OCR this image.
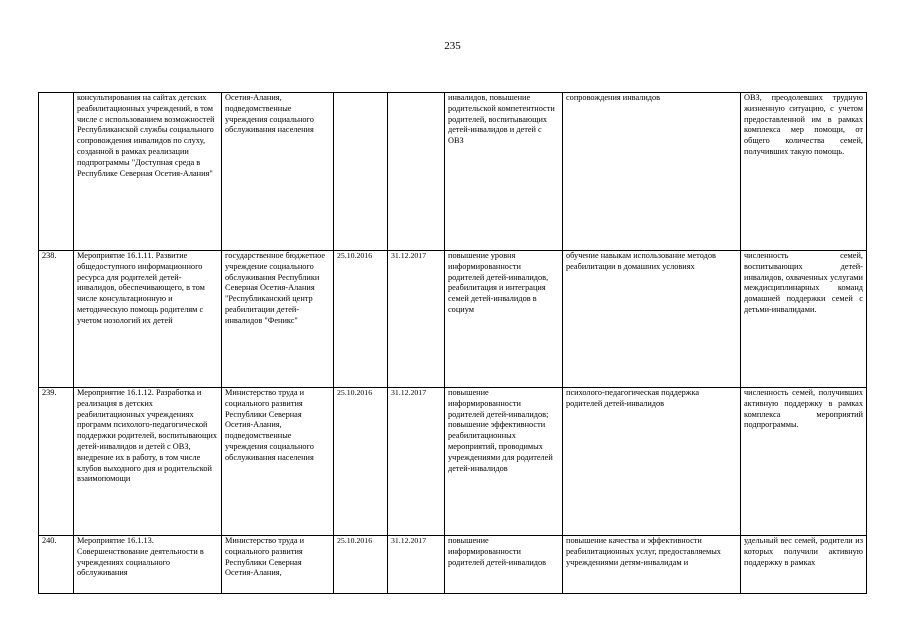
235
	консультирования на сайтах детских реабилитационных учреждений, в том числе с использованием возможностей Республиканской службы социального сопровождения инвалидов по слуху, созданной в рамках реализации подпрограммы "Доступная среда в Республике Северная Осетия-Алания"	Осетия-Алания, подведомственные учреждения социального обслуживания населения			инвалидов, повышение родительской компетентности родителей, воспитывающих детей-инвалидов и детей с ОВЗ	сопровождения инвалидов	ОВЗ, преодолевших трудную жизненную ситуацию, с учетом предоставленной им в рамках комплекса мер помощи, от общего количества семей, получивших такую помощь.
238.	Мероприятие 16.1.11. Развитие общедоступного информационного ресурса для родителей детей-инвалидов, обеспечивающего, в том числе консультационную и методическую помощь родителям с учетом нозологий их детей	государственное бюджетное учреждение социального обслуживания Республики Северная Осетия-Алания "Республиканский центр реабилитации детей-инвалидов "Феникс"	25.10.2016	31.12.2017	повышение уровня информированности родителей детей-инвалидов, реабилитация и интеграция семей детей-инвалидов в социум	обучение навыкам использование методов реабилитации в домашних условиях	численность семей, воспитывающих детей-инвалидов, охваченных услугами междисциплинарных команд домашней поддержки семей с детьми-инвалидами.
239.	Мероприятие 16.1.12. Разработка и реализация в детских реабилитационных учреждениях программ психолого-педагогической поддержки родителей, воспитывающих детей-инвалидов и детей с ОВЗ, внедрение их в работу, в том числе клубов выходного дня и родительской взаимопомощи	Министерство труда и социального развития Республики Северная Осетия-Алания, подведомственные учреждения социального обслуживания населения	25.10.2016	31.12.2017	повышение информированности родителей детей-инвалидов; повышение эффективности реабилитационных мероприятий, проводимых учреждениями для родителей детей-инвалидов	психолого-педагогическая поддержка родителей детей-инвалидов	численность семей, получивших активную поддержку в рамках комплекса мероприятий подпрограммы.
240.	Мероприятие 16.1.13. Совершенствование деятельности в учреждениях социального обслуживания	Министерство труда и социального развития Республики Северная Осетия-Алания,	25.10.2016	31.12.2017	повышение информированности родителей детей-инвалидов	повышение качества и эффективности реабилитационных услуг, предоставляемых учреждениями детям-инвалидам и	удельный вес семей, родители из которых получили активную поддержку в рамках
